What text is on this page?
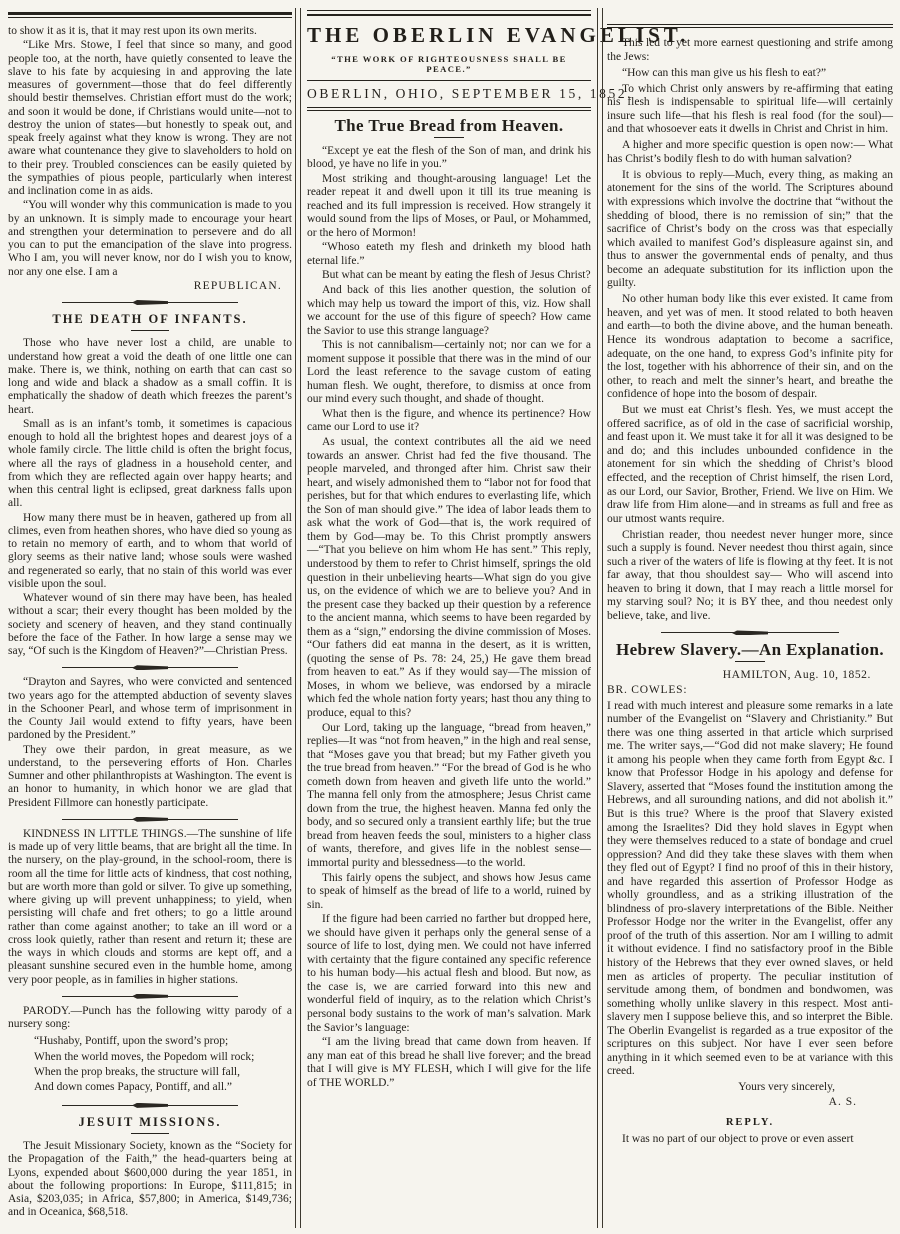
to show it as it is, that it may rest upon its own merits.
“Like Mrs. Stowe, I feel that since so many, and good people too, at the north, have quietly consented to leave the slave to his fate by acquiesing in and approving the late measures of government—those that do feel differently should bestir themselves. Christian effort must do the work; and soon it would be done, if Christians would unite—not to destroy the union of states—but honestly to speak out, and speak freely against what they know is wrong. They are not aware what countenance they give to slaveholders to hold on to their prey. Troubled consciences can be easily quieted by the sympathies of pious people, particularly when interest and inclination come in as aids.
“You will wonder why this communication is made to you by an unknown. It is simply made to encourage your heart and strengthen your determination to persevere and do all you can to put the emancipation of the slave into progress. Who I am, you will never know, nor do I wish you to know, nor any one else. I am a
REPUBLICAN.
THE DEATH OF INFANTS.
Those who have never lost a child, are unable to understand how great a void the death of one little one can make. There is, we think, nothing on earth that can cast so long and wide and black a shadow as a small coffin. It is emphatically the shadow of death which freezes the parent’s heart.
Small as is an infant’s tomb, it sometimes is capacious enough to hold all the brightest hopes and dearest joys of a whole family circle. The little child is often the bright focus, where all the rays of gladness in a household center, and from which they are reflected again over happy hearts; and when this central light is eclipsed, great darkness falls upon all.
How many there must be in heaven, gathered up from all climes, even from heathen shores, who have died so young as to retain no memory of earth, and to whom that world of glory seems as their native land; whose souls were washed and regenerated so early, that no stain of this world was ever visible upon the soul.
Whatever wound of sin there may have been, has healed without a scar; their every thought has been molded by the society and scenery of heaven, and they stand continually before the face of the Father. In how large a sense may we say, “Of such is the Kingdom of Heaven?”—Christian Press.
“Drayton and Sayres, who were convicted and sentenced two years ago for the attempted abduction of seventy slaves in the Schooner Pearl, and whose term of imprisonment in the County Jail would extend to fifty years, have been pardoned by the President.”
They owe their pardon, in great measure, as we understand, to the persevering efforts of Hon. Charles Sumner and other philanthropists at Washington. The event is an honor to humanity, in which honor we are glad that President Fillmore can honestly participate.
KINDNESS IN LITTLE THINGS.—The sunshine of life is made up of very little beams, that are bright all the time. In the nursery, on the play-ground, in the school-room, there is room all the time for little acts of kindness, that cost nothing, but are worth more than gold or silver. To give up something, where giving up will prevent unhappiness; to yield, when persisting will chafe and fret others; to go a little around rather than come against another; to take an ill word or a cross look quietly, rather than resent and return it; these are the ways in which clouds and storms are kept off, and a pleasant sunshine secured even in the humble home, among very poor people, as in families in higher stations.
PARODY.—Punch has the following witty parody of a nursery song:
“Hushaby, Pontiff, upon the sword’s prop;
When the world moves, the Popedom will rock;
When the prop breaks, the structure will fall,
And down comes Papacy, Pontiff, and all.”
JESUIT MISSIONS.
The Jesuit Missionary Society, known as the “Society for the Propagation of the Faith,” the head-quarters being at Lyons, expended about $600,000 during the year 1851, in about the following proportions: In Europe, $111,815; in Asia, $203,035; in Africa, $57,800; in America, $149,736; and in Oceanica, $68,518.
THE OBERLIN EVANGELIST.
“THE WORK OF RIGHTEOUSNESS SHALL BE PEACE.”
OBERLIN, OHIO, SEPTEMBER 15, 1852.
The True Bread from Heaven.
“Except ye eat the flesh of the Son of man, and drink his blood, ye have no life in you.”
Most striking and thought-arousing language! Let the reader repeat it and dwell upon it till its true meaning is reached and its full impression is received. How strangely it would sound from the lips of Moses, or Paul, or Mohammed, or the hero of Mormon!
“Whoso eateth my flesh and drinketh my blood hath eternal life.”
But what can be meant by eating the flesh of Jesus Christ?
And back of this lies another question, the solution of which may help us toward the import of this, viz. How shall we account for the use of this figure of speech? How came the Savior to use this strange language?
This is not cannibalism—certainly not; nor can we for a moment suppose it possible that there was in the mind of our Lord the least reference to the savage custom of eating human flesh. We ought, therefore, to dismiss at once from our mind every such thought, and shade of thought.
What then is the figure, and whence its pertinence? How came our Lord to use it?
As usual, the context contributes all the aid we need towards an answer. Christ had fed the five thousand. The people marveled, and thronged after him. Christ saw their heart, and wisely admonished them to “labor not for food that perishes, but for that which endures to everlasting life, which the Son of man should give.” The idea of labor leads them to ask what the work of God—that is, the work required of them by God—may be. To this Christ promptly answers—“That you believe on him whom He has sent.” This reply, understood by them to refer to Christ himself, springs the old question in their unbelieving hearts—What sign do you give us, on the evidence of which we are to believe you? And in the present case they backed up their question by a reference to the ancient manna, which seems to have been regarded by them as a “sign,” endorsing the divine commission of Moses. “Our fathers did eat manna in the desert, as it is written, (quoting the sense of Ps. 78: 24, 25,) He gave them bread from heaven to eat.” As if they would say—The mission of Moses, in whom we believe, was endorsed by a miracle which fed the whole nation forty years; hast thou any thing to produce, equal to this?
Our Lord, taking up the language, “bread from heaven,” replies—It was “not from heaven,” in the high and real sense, that “Moses gave you that bread; but my Father giveth you the true bread from heaven.” “For the bread of God is he who cometh down from heaven and giveth life unto the world.” The manna fell only from the atmosphere; Jesus Christ came down from the true, the highest heaven. Manna fed only the body, and so secured only a transient earthly life; but the true bread from heaven feeds the soul, ministers to a higher class of wants, therefore, and gives life in the noblest sense—immortal purity and blessedness—to the world.
This fairly opens the subject, and shows how Jesus came to speak of himself as the bread of life to a world, ruined by sin.
If the figure had been carried no farther but dropped here, we should have given it perhaps only the general sense of a source of life to lost, dying men. We could not have inferred with certainty that the figure contained any specific reference to his human body—his actual flesh and blood. But now, as the case is, we are carried forward into this new and wonderful field of inquiry, as to the relation which Christ’s personal body sustains to the work of man’s salvation. Mark the Savior’s language:
“I am the living bread that came down from heaven. If any man eat of this bread he shall live forever; and the bread that I will give is MY FLESH, which I will give for the life of THE WORLD.”
This led to yet more earnest questioning and strife among the Jews:
“How can this man give us his flesh to eat?”
To which Christ only answers by re-affirming that eating his flesh is indispensable to spiritual life—will certainly insure such life—that his flesh is real food (for the soul)—and that whosoever eats it dwells in Christ and Christ in him.
A higher and more specific question is open now:— What has Christ’s bodily flesh to do with human salvation?
It is obvious to reply—Much, every thing, as making an atonement for the sins of the world. The Scriptures abound with expressions which involve the doctrine that “without the shedding of blood, there is no remission of sin;” that the sacrifice of Christ’s body on the cross was that especially which availed to manifest God’s displeasure against sin, and thus to answer the governmental ends of penalty, and thus become an adequate substitution for its infliction upon the guilty.
No other human body like this ever existed. It came from heaven, and yet was of men. It stood related to both heaven and earth—to both the divine above, and the human beneath. Hence its wondrous adaptation to become a sacrifice, adequate, on the one hand, to express God’s infinite pity for the lost, together with his abhorrence of their sin, and on the other, to reach and melt the sinner’s heart, and breathe the confidence of hope into the bosom of despair.
But we must eat Christ’s flesh. Yes, we must accept the offered sacrifice, as of old in the case of sacrificial worship, and feast upon it. We must take it for all it was designed to be and do; and this includes unbounded confidence in the atonement for sin which the shedding of Christ’s blood effected, and the reception of Christ himself, the risen Lord, as our Lord, our Savior, Brother, Friend. We live on Him. We draw life from Him alone—and in streams as full and free as our utmost wants require.
Christian reader, thou needest never hunger more, since such a supply is found. Never needest thou thirst again, since such a river of the waters of life is flowing at thy feet. It is not far away, that thou shouldest say— Who will ascend into heaven to bring it down, that I may reach a little morsel for my starving soul? No; it is BY thee, and thou needest only believe, take, and live.
Hebrew Slavery.—An Explanation.
HAMILTON, Aug. 10, 1852.
BR. COWLES:
I read with much interest and pleasure some remarks in a late number of the Evangelist on “Slavery and Christianity.” But there was one thing asserted in that article which surprised me. The writer says,—“God did not make slavery; He found it among his people when they came forth from Egypt &c. I know that Professor Hodge in his apology and defense for Slavery, asserted that “Moses found the institution among the Hebrews, and all surounding nations, and did not abolish it.” But is this true? Where is the proof that Slavery existed among the Israelites? Did they hold slaves in Egypt when they were themselves reduced to a state of bondage and cruel oppression? And did they take these slaves with them when they fled out of Egypt? I find no proof of this in their history, and have regarded this assertion of Professor Hodge as wholly groundless, and as a striking illustration of the blindness of pro-slavery interpretations of the Bible. Neither Professor Hodge nor the writer in the Evangelist, offer any proof of the truth of this assertion. Nor am I willing to admit it without evidence. I find no satisfactory proof in the Bible history of the Hebrews that they ever owned slaves, or held men as articles of property. The peculiar institution of servitude among them, of bondmen and bondwomen, was something wholly unlike slavery in this respect. Most anti-slavery men I suppose believe this, and so interpret the Bible. The Oberlin Evangelist is regarded as a true expositor of the scriptures on this subject. Nor have I ever seen before anything in it which seemed even to be at variance with this creed.
Yours very sincerely,
A. S.
REPLY.
It was no part of our object to prove or even assert
